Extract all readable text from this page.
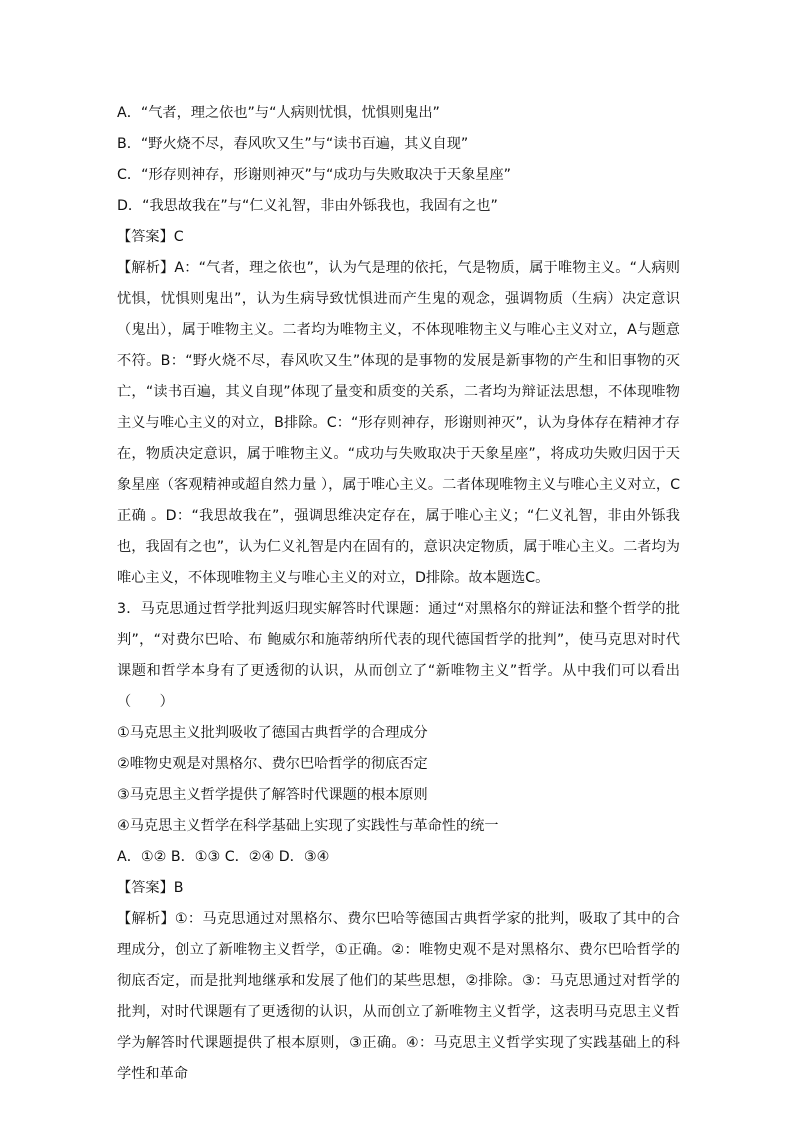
A．“气者，理之依也”与“人病则忧惧，忧惧则鬼出”
B．“野火烧不尽，春风吹又生”与“读书百遍，其义自现”
C．“形存则神存，形谢则神灭”与“成功与失败取决于天象星座”
D．“我思故我在”与“仁义礼智，非由外铄我也，我固有之也”
【答案】C
【解析】A：“气者，理之依也”，认为气是理的依托，气是物质，属于唯物主义。“人病则忧惧，忧惧则鬼出”，认为生病导致忧惧进而产生鬼的观念，强调物质（生病）决定意识（鬼出），属于唯物主义。二者均为唯物主义，不体现唯物主义与唯心主义对立，A与题意不符。B：“野火烧不尽，春风吹又生”体现的是事物的发展是新事物的产生和旧事物的灭亡，“读书百遍，其义自现”体现了量变和质变的关系，二者均为辩证法思想，不体现唯物主义与唯心主义的对立，B排除。C：“形存则神存，形谢则神灭”，认为身体存在精神才存在，物质决定意识，属于唯物主义。“成功与失败取决于天象星座”，将成功失败归因于天象星座（客观精神或超自然力量 ），属于唯心主义。二者体现唯物主义与唯心主义对立，C正确 。D：“我思故我在”，强调思维决定存在，属于唯心主义；“仁义礼智，非由外铄我也，我固有之也”，认为仁义礼智是内在固有的，意识决定物质，属于唯心主义。二者均为唯心主义，不体现唯物主义与唯心主义的对立，D排除。故本题选C。
3．马克思通过哲学批判返归现实解答时代课题：通过“对黑格尔的辩证法和整个哲学的批判”，“对费尔巴哈、布 鲍威尔和施蒂纳所代表的现代德国哲学的批判”，使马克思对时代课题和哲学本身有了更透彻的认识，从而创立了“新唯物主义”哲学。从中我们可以看出（　　）
①马克思主义批判吸收了德国古典哲学的合理成分
②唯物史观是对黑格尔、费尔巴哈哲学的彻底否定
③马克思主义哲学提供了解答时代课题的根本原则
④马克思主义哲学在科学基础上实现了实践性与革命性的统一
A．①② B．①③ C．②④ D．③④
【答案】B
【解析】①：马克思通过对黑格尔、费尔巴哈等德国古典哲学家的批判，吸取了其中的合理成分，创立了新唯物主义哲学，①正确。②：唯物史观不是对黑格尔、费尔巴哈哲学的彻底否定，而是批判地继承和发展了他们的某些思想，②排除。③：马克思通过对哲学的批判，对时代课题有了更透彻的认识，从而创立了新唯物主义哲学，这表明马克思主义哲学为解答时代课题提供了根本原则，③正确。④：马克思主义哲学实现了实践基础上的科学性和革命
